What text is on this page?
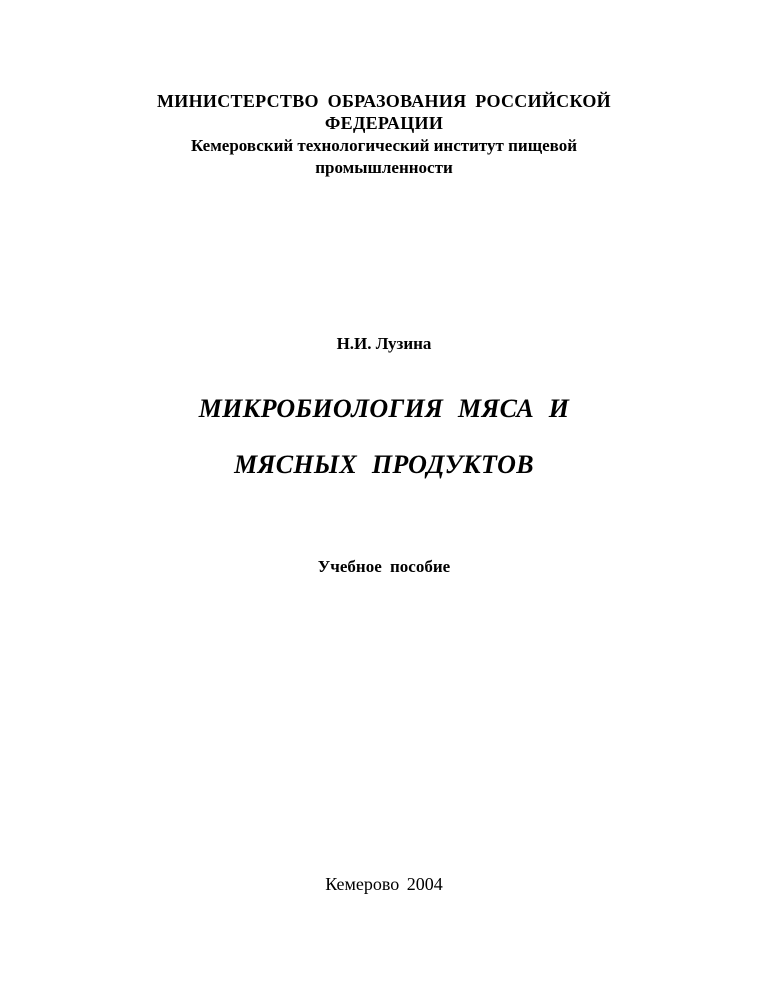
МИНИСТЕРСТВО ОБРАЗОВАНИЯ РОССИЙСКОЙ
ФЕДЕРАЦИИ
Кемеровский технологический институт пищевой
промышленности
Н.И. Лузина
МИКРОБИОЛОГИЯ МЯСА И
МЯСНЫХ ПРОДУКТОВ
Учебное пособие
Кемерово 2004
